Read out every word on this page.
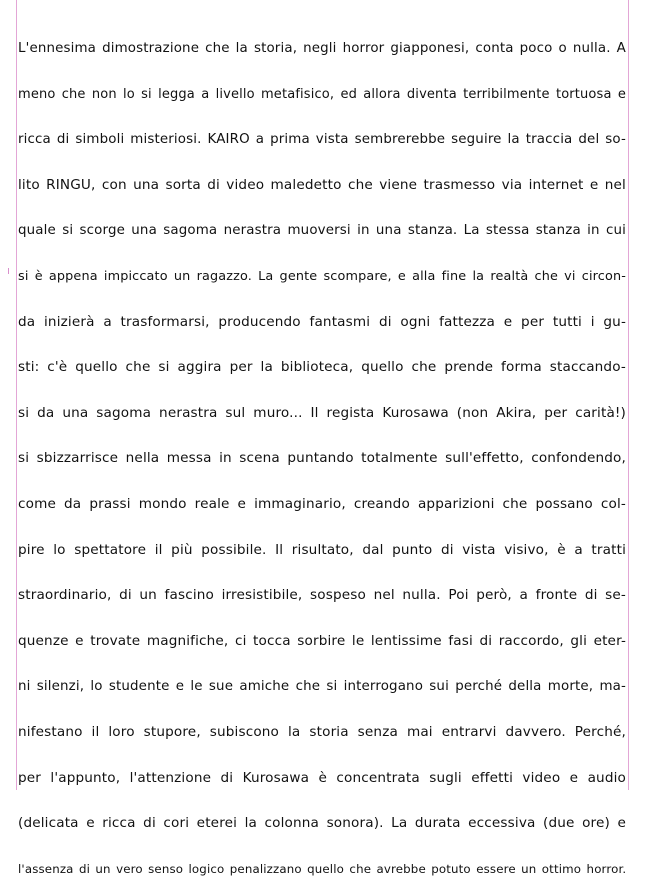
L'ennesima dimostrazione che la storia, negli horror giapponesi, conta poco o nulla. A
meno che non lo si legga a livello metafisico, ed allora diventa terribilmente tortuosa e
ricca di simboli misteriosi. KAIRO a prima vista sembrerebbe seguire la traccia del so-
lito RINGU, con una sorta di video maledetto che viene trasmesso via internet e nel
quale si scorge una sagoma nerastra muoversi in una stanza. La stessa stanza in cui
si è appena impiccato un ragazzo. La gente scompare, e alla fine la realtà che vi circon-
da inizierà a trasformarsi, producendo fantasmi di ogni fattezza e per tutti i gu-
sti: c'è quello che si aggira per la biblioteca, quello che prende forma staccando-
si da una sagoma nerastra sul muro... Il regista Kurosawa (non Akira, per carità!)
si sbizzarrisce nella messa in scena puntando totalmente sull'effetto, confondendo,
come da prassi mondo reale e immaginario, creando apparizioni che possano col-
pire lo spettatore il più possibile. Il risultato, dal punto di vista visivo, è a tratti
straordinario, di un fascino irresistibile, sospeso nel nulla. Poi però, a fronte di se-
quenze e trovate magnifiche, ci tocca sorbire le lentissime fasi di raccordo, gli eter-
ni silenzi, lo studente e le sue amiche che si interrogano sui perché della morte, ma-
nifestano il loro stupore, subiscono la storia senza mai entrarvi davvero. Perché,
per l'appunto, l'attenzione di Kurosawa è concentrata sugli effetti video e audio
(delicata e ricca di cori eterei la colonna sonora). La durata eccessiva (due ore) e
l'assenza di un vero senso logico penalizzano quello che avrebbe potuto essere un ottimo horror.
